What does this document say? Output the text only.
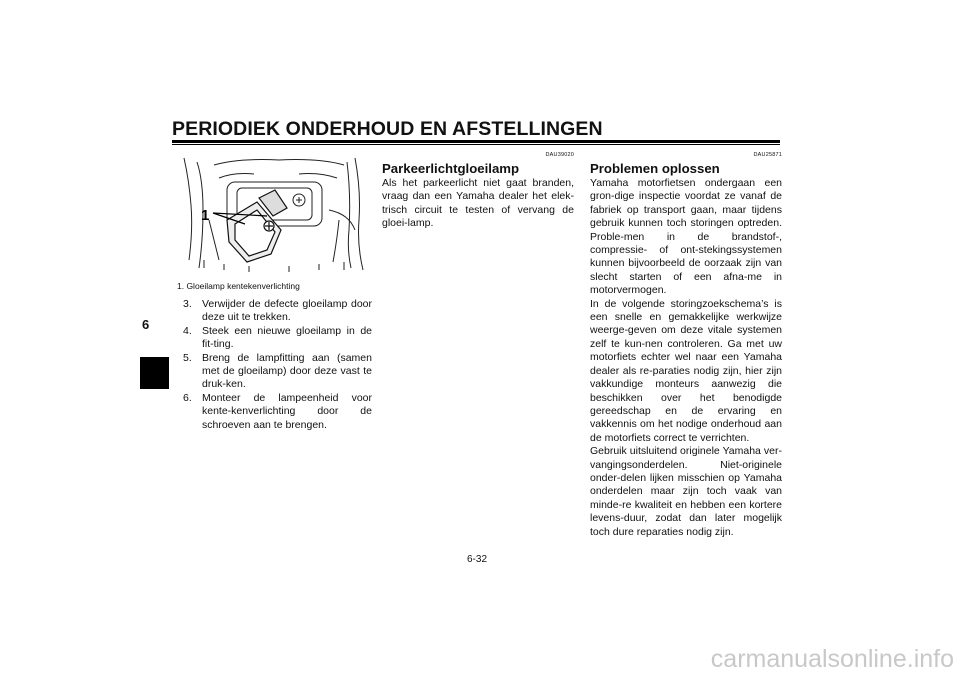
PERIODIEK ONDERHOUD EN AFSTELLINGEN
6
1
1. Gloeilamp kentekenverlichting
3. Verwijder de defecte gloeilamp door deze uit te trekken.
4. Steek een nieuwe gloeilamp in de fit-ting.
5. Breng de lampfitting aan (samen met de gloeilamp) door deze vast te druk-ken.
6. Monteer de lampeenheid voor kente-kenverlichting door de schroeven aan te brengen.
DAU39020
Parkeerlichtgloeilamp

Als het parkeerlicht niet gaat branden, vraag dan een Yamaha dealer het elek-trisch circuit te testen of vervang de gloei-lamp.

DAU25871
Problemen oplossen

Yamaha motorfietsen ondergaan een gron-dige inspectie voordat ze vanaf de fabriek op transport gaan, maar tijdens gebruik kunnen toch storingen optreden. Proble-men in de brandstof-, compressie- of ont-stekingssystemen kunnen bijvoorbeeld de oorzaak zijn van slecht starten of een afna-me in motorvermogen.

In de volgende storingzoekschema’s is een snelle en gemakkelijke werkwijze weerge-geven om deze vitale systemen zelf te kun-nen controleren. Ga met uw motorfiets echter wel naar een Yamaha dealer als re-paraties nodig zijn, hier zijn vakkundige monteurs aanwezig die beschikken over het benodigde gereedschap en de ervaring en vakkennis om het nodige onderhoud aan de motorfiets correct te verrichten.

Gebruik uitsluitend originele Yamaha ver-vangingsonderdelen. Niet-originele onder-delen lijken misschien op Yamaha onderdelen maar zijn toch vaak van minde-re kwaliteit en hebben een kortere levens-duur, zodat dan later mogelijk toch dure reparaties nodig zijn.

6-32
carmanualsonline.info
